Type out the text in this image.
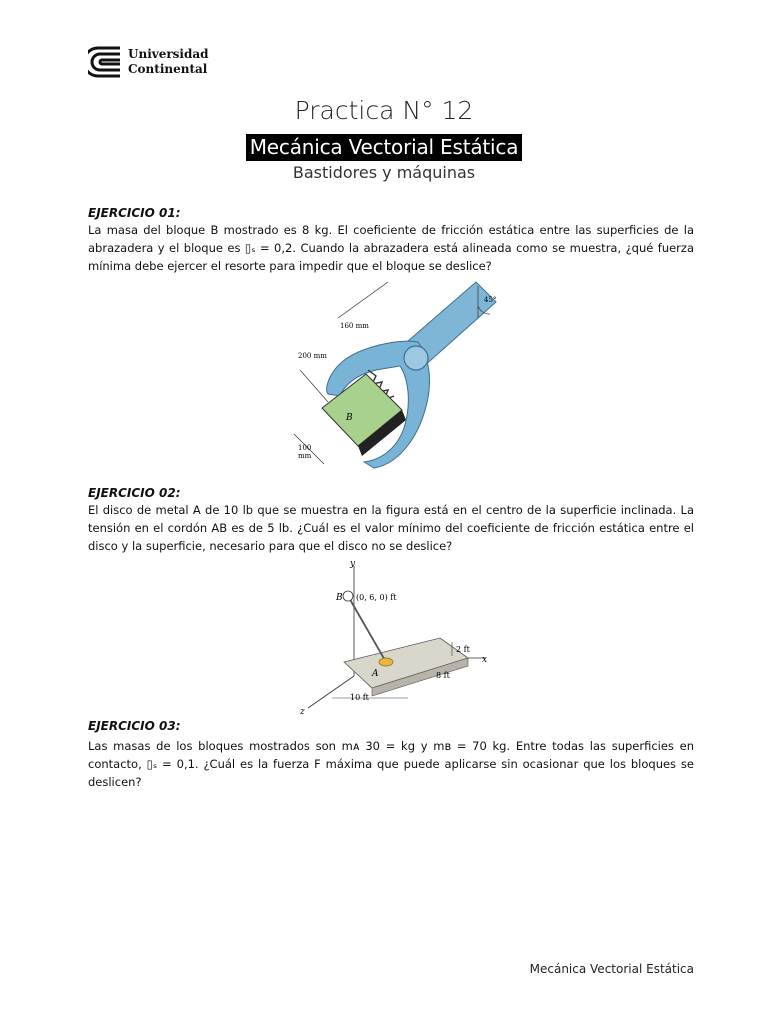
Universidad
Continental
Practica N° 12
Mecánica Vectorial Estática
Bastidores y máquinas
EJERCICIO 01:
La masa del bloque B mostrado es 8 kg. El coeficiente de fricción estática entre las superficies de la abrazadera y el bloque es ▯ₛ = 0,2. Cuando la abrazadera está alineada como se muestra, ¿qué fuerza mínima debe ejercer el resorte para impedir que el bloque se deslice?
B
160 mm
200 mm
100
mm
45°
EJERCICIO 02:
El disco de metal A de 10 lb que se muestra en la figura está en el centro de la superficie inclinada. La tensión en el cordón AB es de 5 lb. ¿Cuál es el valor mínimo del coeficiente de fricción estática entre el disco y la superficie, necesario para que el disco no se deslice?
y
z
x
B (0, 6, 0) ft
A
2 ft
8 ft
10 ft
EJERCICIO 03:
Las masas de los bloques mostrados son mᴀ 30 = kg y mʙ = 70 kg. Entre todas las superficies en contacto, ▯ₛ = 0,1. ¿Cuál es la fuerza F máxima que puede aplicarse sin ocasionar que los bloques se deslicen?
Mecánica Vectorial Estática
